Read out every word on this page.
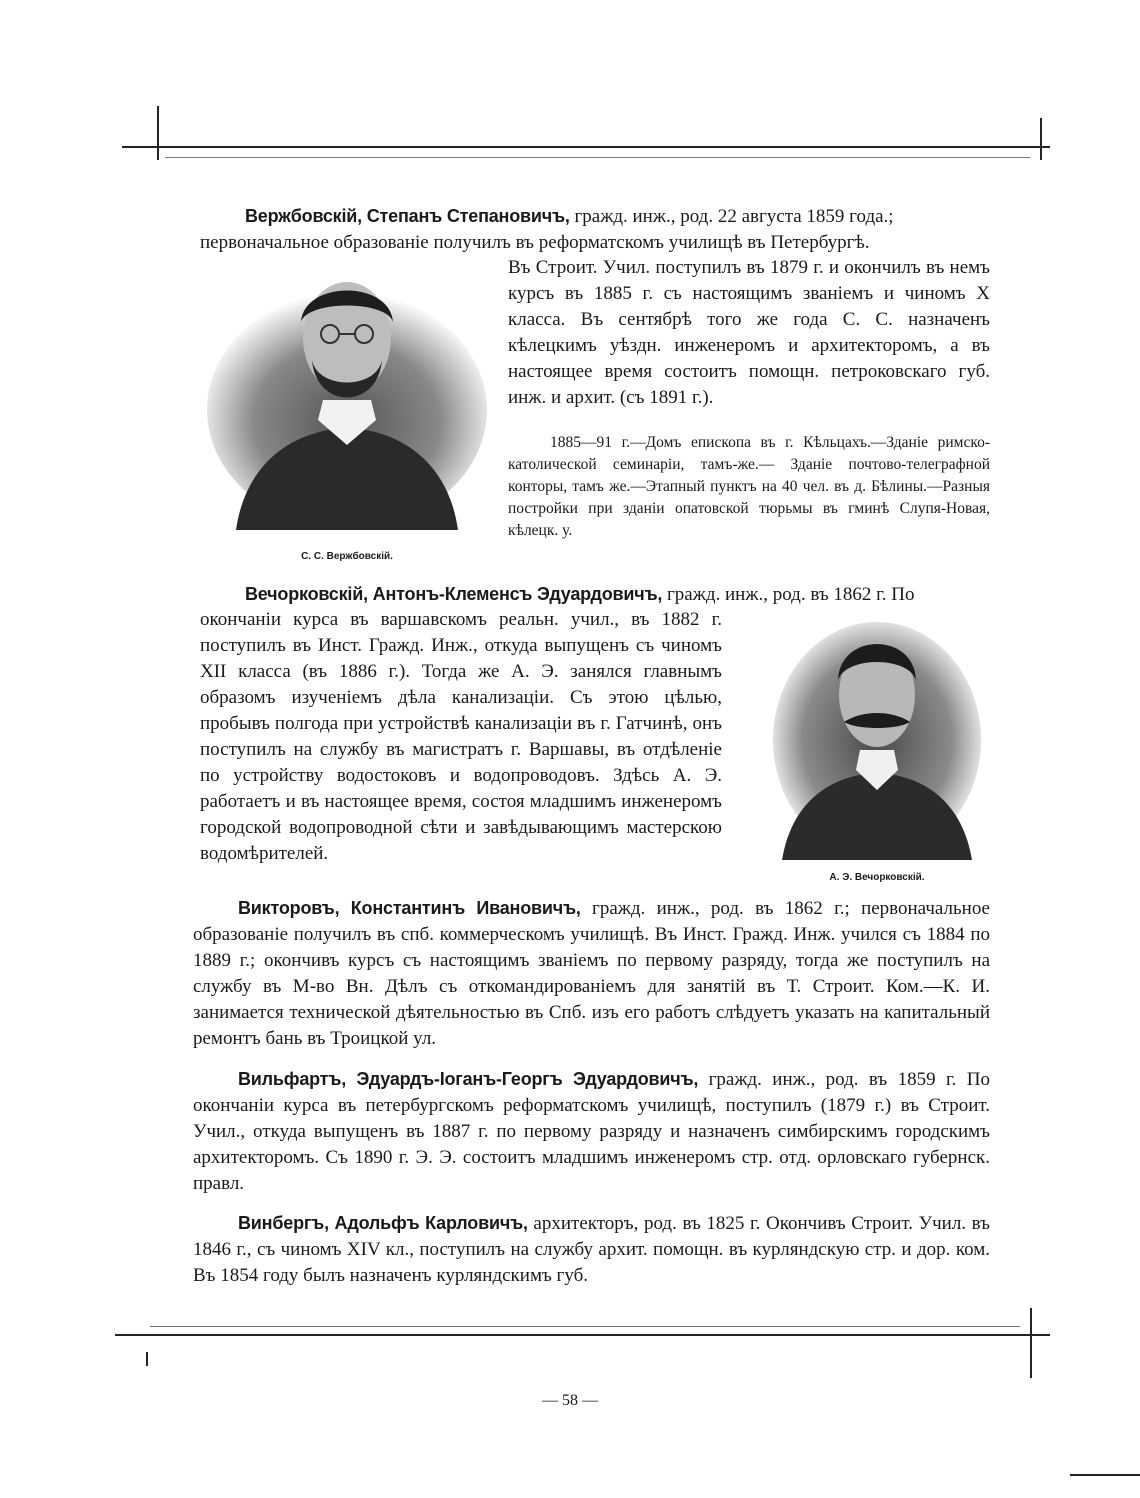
Вержбовскій, Степанъ Степановичъ, гражд. инж., род. 22 августа 1859 года.;
первоначальное образованіе получилъ въ реформатскомъ училищѣ въ Петербургѣ.
Въ Строит. Учил. поступилъ въ 1879 г. и окончилъ въ немъ курсъ въ 1885 г. съ настоящимъ званіемъ и чиномъ X класса. Въ сентябрѣ того же года С. С. назначенъ кѣлецкимъ уѣздн. инженеромъ и архитекторомъ, а въ настоящее время состоитъ помощн. петроковскаго губ. инж. и архит. (съ 1891 г.).
1885—91 г.—Домъ епископа въ г. Кѣльцахъ.—Зданіе римско-католической семинаріи, тамъ-же.— Зданіе почтово-телеграфной конторы, тамъ же.—Этапный пунктъ на 40 чел. въ д. Бѣлины.—Разныя постройки при зданіи опатовской тюрьмы въ гминѣ Слупя-Новая, кѣлецк. у.
С. С. Вержбовскій.
Вечорковскій, Антонъ-Клеменсъ Эдуардовичъ, гражд. инж., род. въ 1862 г. По
окончаніи курса въ варшавскомъ реальн. учил., въ 1882 г. поступилъ въ Инст. Гражд. Инж., откуда выпущенъ съ чиномъ XII класса (въ 1886 г.). Тогда же А. Э. занялся главнымъ образомъ изученіемъ дѣла канализаціи. Съ этою цѣлью, пробывъ полгода при устройствѣ канализаціи въ г. Гатчинѣ, онъ поступилъ на службу въ магистратъ г. Варшавы, въ отдѣленіе по устройству водостоковъ и водопроводовъ. Здѣсь А. Э. работаетъ и въ настоящее время, состоя младшимъ инженеромъ городской водопроводной сѣти и завѣдывающимъ мастерскою водомѣрителей.
А. Э. Вечорковскій.
Викторовъ, Константинъ Ивановичъ, гражд. инж., род. въ 1862 г.; первоначальное образованіе получилъ въ спб. коммерческомъ училищѣ. Въ Инст. Гражд. Инж. учился съ 1884 по 1889 г.; окончивъ курсъ съ настоящимъ званіемъ по первому разряду, тогда же поступилъ на службу въ М-во Вн. Дѣлъ съ откомандированіемъ для занятій въ Т. Строит. Ком.—К. И. занимается технической дѣятельностью въ Спб. изъ его работъ слѣдуетъ указать на капитальный ремонтъ бань въ Троицкой ул.
Вильфартъ, Эдуардъ-Іоганъ-Георгъ Эдуардовичъ, гражд. инж., род. въ 1859 г. По окончаніи курса въ петербургскомъ реформатскомъ училищѣ, поступилъ (1879 г.) въ Строит. Учил., откуда выпущенъ въ 1887 г. по первому разряду и назначенъ симбирскимъ городскимъ архитекторомъ. Съ 1890 г. Э. Э. состоитъ младшимъ инженеромъ стр. отд. орловскаго губернск. правл.
Винбергъ, Адольфъ Карловичъ, архитекторъ, род. въ 1825 г. Окончивъ Строит. Учил. въ 1846 г., съ чиномъ XIV кл., поступилъ на службу архит. помощн. въ курляндскую стр. и дор. ком. Въ 1854 году былъ назначенъ курляндскимъ губ.
— 58 —
